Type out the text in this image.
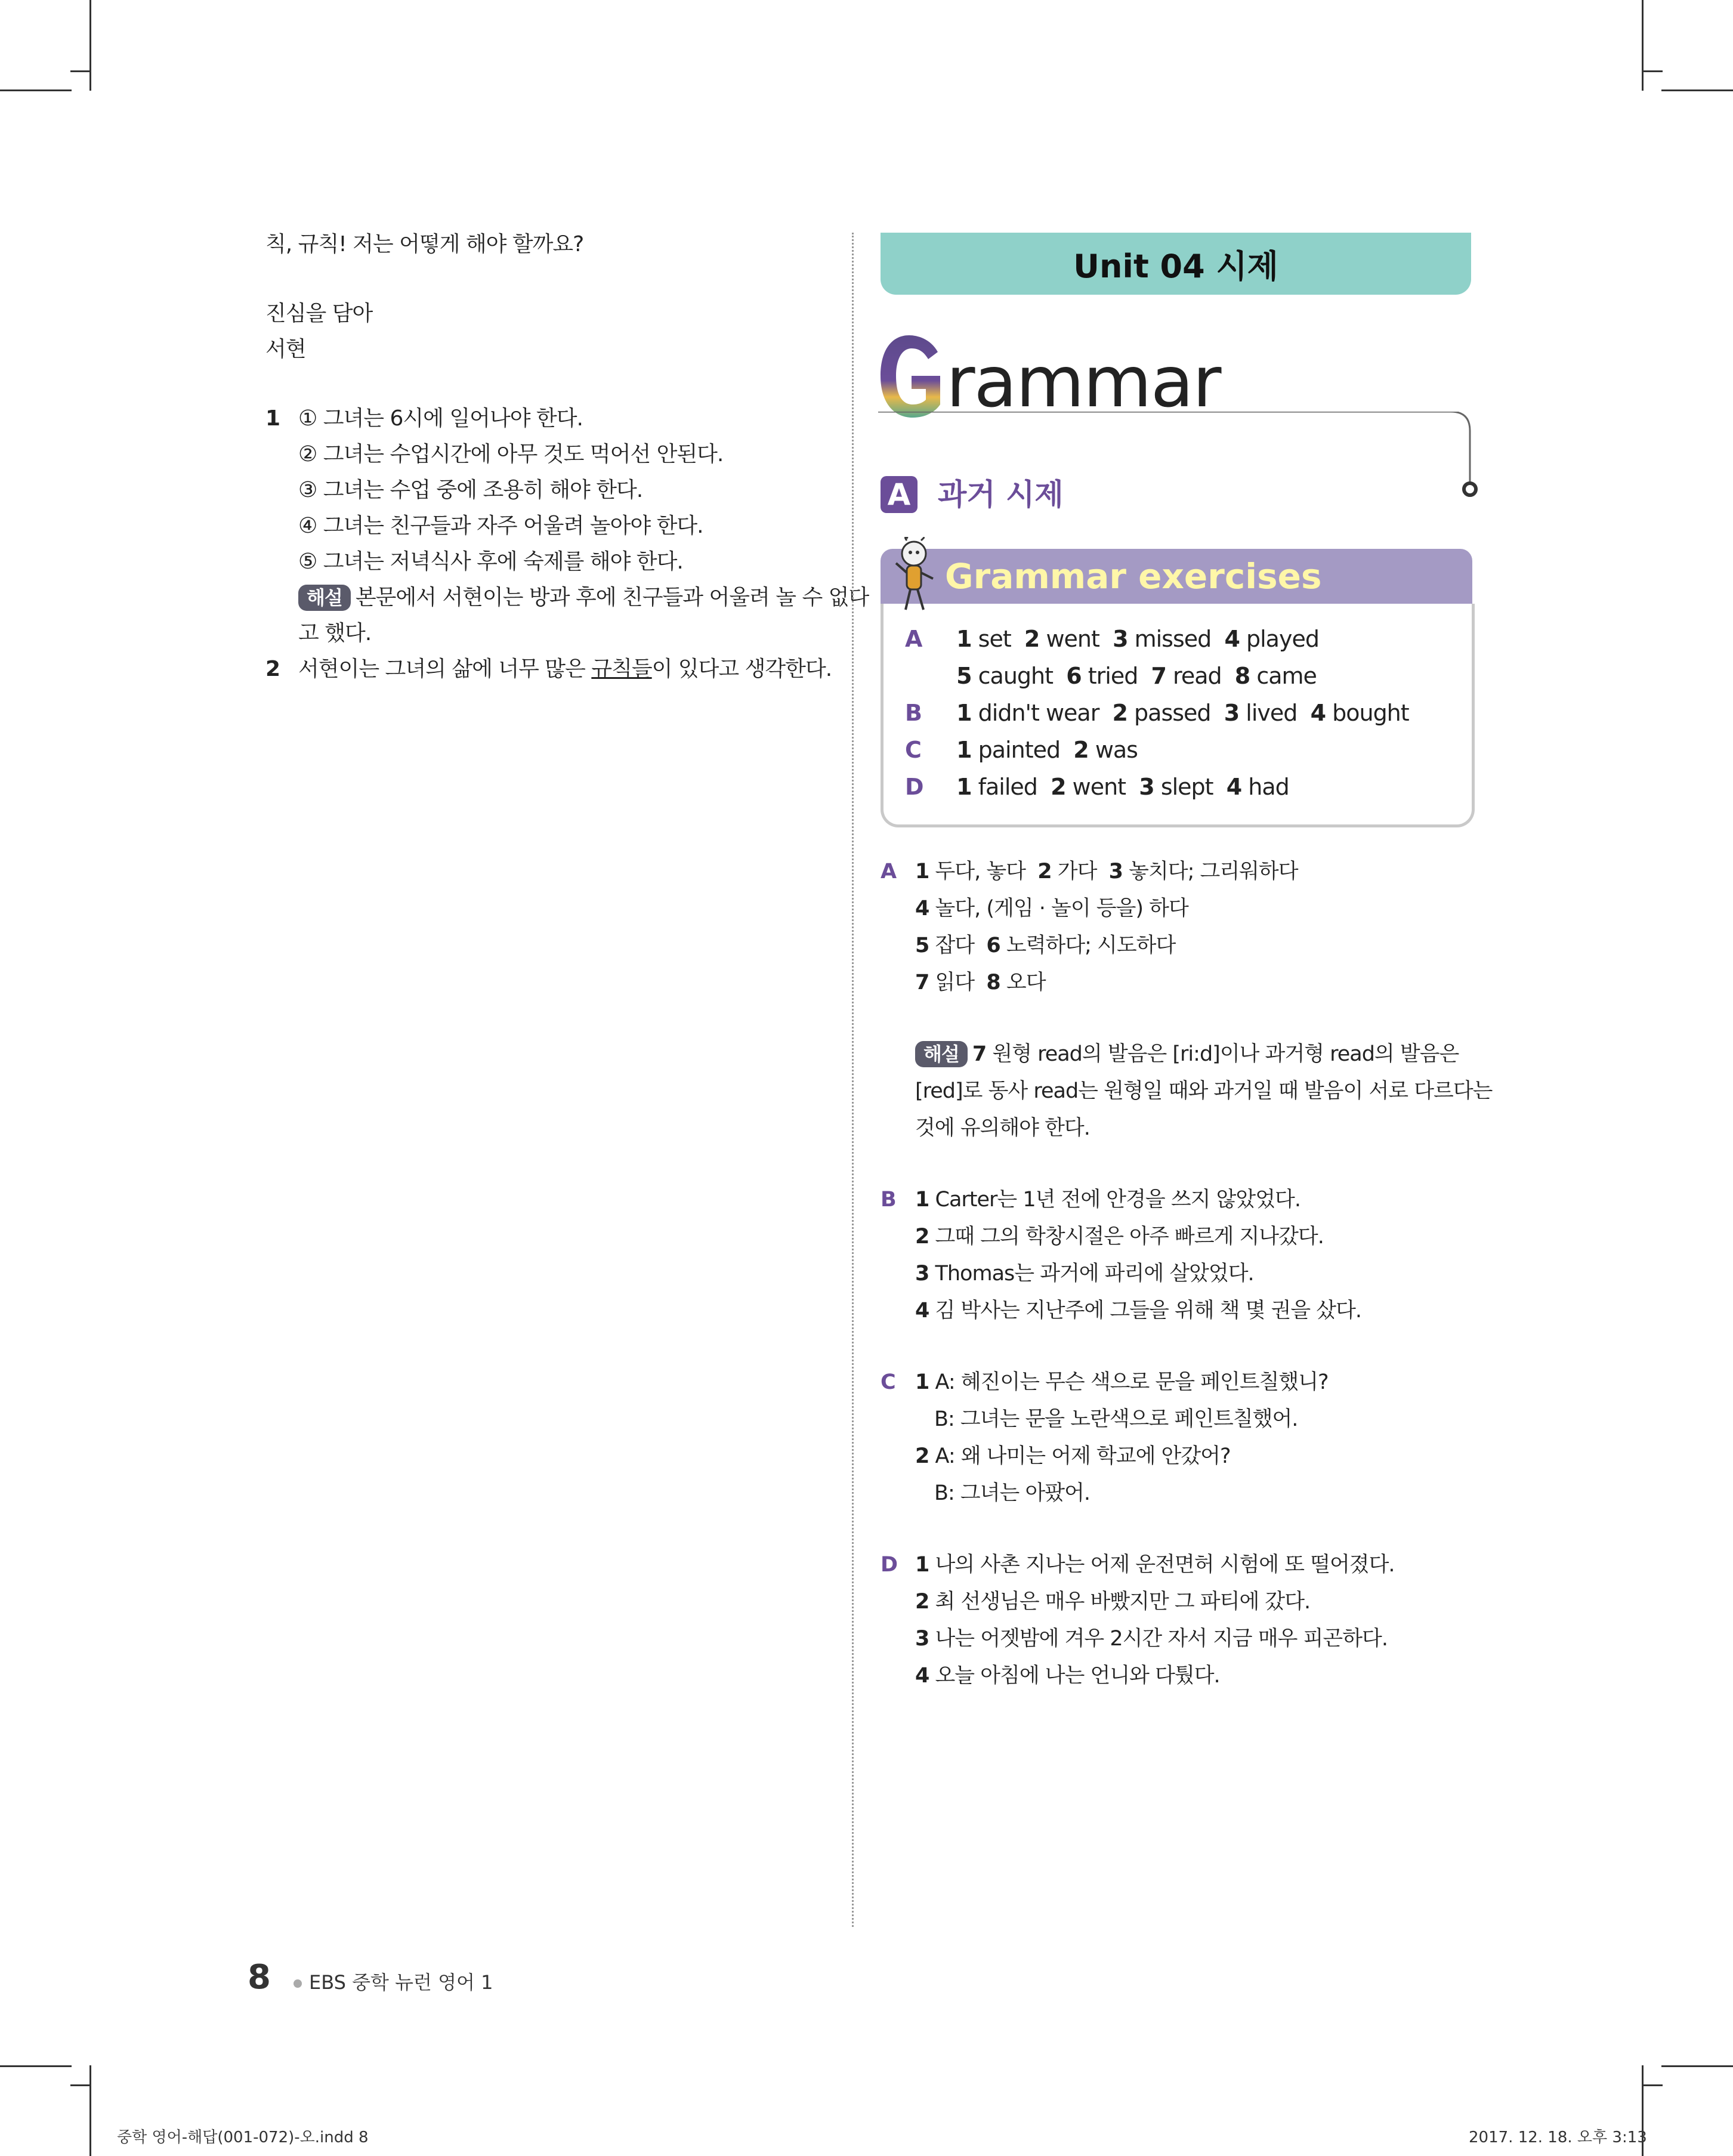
칙, 규칙! 저는 어떻게 해야 할까요?
진심을 담아
서현
1 ① 그녀는 6시에 일어나야 한다.
② 그녀는 수업시간에 아무 것도 먹어선 안된다.
③ 그녀는 수업 중에 조용히 해야 한다.
④ 그녀는 친구들과 자주 어울려 놀아야 한다.
⑤ 그녀는 저녁식사 후에 숙제를 해야 한다.
해설 본문에서 서현이는 방과 후에 친구들과 어울려 놀 수 없다
고 했다.
2 서현이는 그녀의 삶에 너무 많은 규칙들이 있다고 생각한다.
Unit 04 시제
rammar
A 과거 시제
Grammar exercises
A 1 set 2 went 3 missed 4 played
5 caught 6 tried 7 read 8 came
B 1 didn't wear 2 passed 3 lived 4 bought
C 1 painted 2 was
D 1 failed 2 went 3 slept 4 had
A 1 두다, 놓다 2 가다 3 놓치다; 그리워하다
4 놀다, (게임 · 놀이 등을) 하다
5 잡다 6 노력하다; 시도하다
7 읽다 8 오다
해설 7 원형 read의 발음은 [ri:d]이나 과거형 read의 발음은
[red]로 동사 read는 원형일 때와 과거일 때 발음이 서로 다르다는
것에 유의해야 한다.
B 1 Carter는 1년 전에 안경을 쓰지 않았었다.
2 그때 그의 학창시절은 아주 빠르게 지나갔다.
3 Thomas는 과거에 파리에 살았었다.
4 김 박사는 지난주에 그들을 위해 책 몇 권을 샀다.
C 1 A: 혜진이는 무슨 색으로 문을 페인트칠했니?
B: 그녀는 문을 노란색으로 페인트칠했어.
2 A: 왜 나미는 어제 학교에 안갔어?
B: 그녀는 아팠어.
D 1 나의 사촌 지나는 어제 운전면허 시험에 또 떨어졌다.
2 최 선생님은 매우 바빴지만 그 파티에 갔다.
3 나는 어젯밤에 겨우 2시간 자서 지금 매우 피곤하다.
4 오늘 아침에 나는 언니와 다퉜다.
8	EBS 중학 뉴런 영어 1
중학 영어-해답(001-072)-오.indd 8	2017. 12. 18. 오후 3:13
